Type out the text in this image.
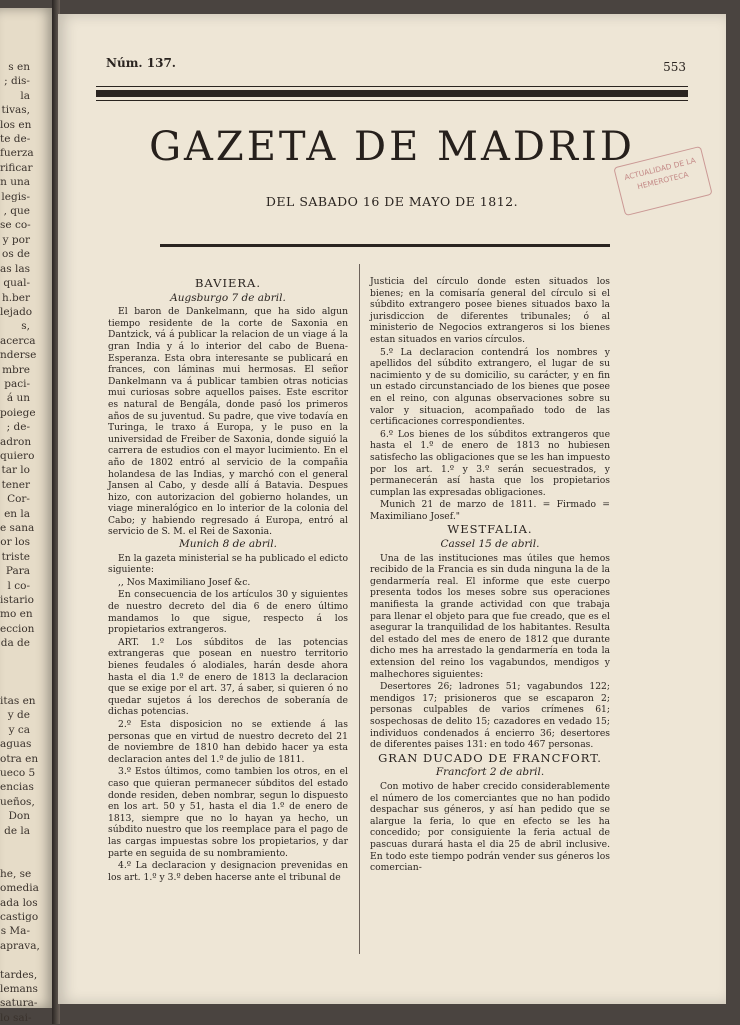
s en
; dis-
la
tivas,
los en
te de-
fuerza
rificar
n una
legis-
, que
se co-
y por
os de
as las
qual-
h.ber
lejado
s,
acerca
nderse
mbre
paci-
á un
poiege
; de-
adron
quiero
tar lo
tener
Cor-
en la
e sana
or los
triste
Para
l co-
istario
mo en
eccion
da de

itas en
y de
y ca
aguas
otra en
ueco 5
encias
ueños,
Don
de la

he, se
omedia
ada los
castigo
s Ma-
aprava,

tardes,
lemans
satura-
lo sai-
Núm. 137.	553
GAZETA DE MADRID
DEL SABADO 16 DE MAYO DE 1812.
ACTUALIDAD DE LA HEMEROTECA
BAVIERA.
Augsburgo 7 de abril.

El baron de Dankelmann, que ha sido algun tiempo residente de la corte de Saxonia en Dantzick, vá á publicar la relacion de un viage á la gran India y á lo interior del cabo de Buena-Esperanza. Esta obra interesante se publicará en frances, con láminas mui hermosas. El señor Dankelmann va á publicar tambien otras noticias mui curiosas sobre aquellos paises. Este escritor es natural de Bengála, donde pasó los primeros años de su juventud. Su padre, que vive todavía en Turinga, le traxo á Europa, y le puso en la universidad de Freiber de Saxonia, donde siguió la carrera de estudios con el mayor lucimiento. En el año de 1802 entró al servicio de la compañia holandesa de las Indias, y marchó con el general Jansen al Cabo, y desde allí á Batavia. Despues hizo, con autorizacion del gobierno holandes, un viage mineralógico en lo interior de la colonia del Cabo; y habiendo regresado á Europa, entró al servicio de S. M. el Rei de Saxonia.

Munich 8 de abril.

En la gazeta ministerial se ha publicado el edicto siguiente:

,, Nos Maximiliano Josef &c.

En consecuencia de los artículos 30 y siguientes de nuestro decreto del dia 6 de enero último mandamos lo que sigue, respecto á los propietarios extrangeros.

ART. 1.º Los súbditos de las potencias extrangeras que posean en nuestro territorio bienes feudales ó alodiales, harán desde ahora hasta el dia 1.º de enero de 1813 la declaracion que se exige por el art. 37, á saber, si quieren ó no quedar sujetos á los derechos de soberanía de dichas potencias.

2.º Esta disposicion no se extiende á las personas que en virtud de nuestro decreto del 21 de noviembre de 1810 han debido hacer ya esta declaracion antes del 1.º de julio de 1811.

3.º Estos últimos, como tambien los otros, en el caso que quieran permanecer súbditos del estado donde residen, deben nombrar, segun lo dispuesto en los art. 50 y 51, hasta el dia 1.º de enero de 1813, siempre que no lo hayan ya hecho, un súbdito nuestro que los reemplace para el pago de las cargas impuestas sobre los propietarios, y dar parte en seguida de su nombramiento.

4.º La declaracion y designacion prevenidas en los art. 1.º y 3.º deben hacerse ante el tribunal de

Justicia del círculo donde esten situados los bienes; en la comisaría general del círculo si el súbdito extrangero posee bienes situados baxo la jurisdiccion de diferentes tribunales; ó al ministerio de Negocios extrangeros si los bienes estan situados en varios círculos.

5.º La declaracion contendrá los nombres y apellidos del súbdito extrangero, el lugar de su nacimiento y de su domicilio, su carácter, y en fin un estado circunstanciado de los bienes que posee en el reino, con algunas observaciones sobre su valor y situacion, acompañado todo de las certificaciones correspondientes.

6.º Los bienes de los súbditos extrangeros que hasta el 1.º de enero de 1813 no hubiesen satisfecho las obligaciones que se les han impuesto por los art. 1.º y 3.º serán secuestrados, y permanecerán así hasta que los propietarios cumplan las expresadas obligaciones.

Munich 21 de marzo de 1811. = Firmado = Maximiliano Josef."

WESTFALIA.
Cassel 15 de abril.

Una de las instituciones mas útiles que hemos recibido de la Francia es sin duda ninguna la de la gendarmería real. El informe que este cuerpo presenta todos los meses sobre sus operaciones manifiesta la grande actividad con que trabaja para llenar el objeto para que fue creado, que es el asegurar la tranquilidad de los habitantes. Resulta del estado del mes de enero de 1812 que durante dicho mes ha arrestado la gendarmería en toda la extension del reino los vagabundos, mendigos y malhechores siguientes:

Desertores 26; ladrones 51; vagabundos 122; mendigos 17; prisioneros que se escaparon 2; personas culpables de varios crímenes 61; sospechosas de delito 15; cazadores en vedado 15; individuos condenados á encierro 36; desertores de diferentes paises 131: en todo 467 personas.

GRAN DUCADO DE FRANCFORT.
Francfort 2 de abril.

Con motivo de haber crecido considerablemente el número de los comerciantes que no han podido despachar sus géneros, y así han pedido que se alargue la feria, lo que en efecto se les ha concedido; por consiguiente la feria actual de pascuas durará hasta el dia 25 de abril inclusive. En todo este tiempo podrán vender sus géneros los comercian-
